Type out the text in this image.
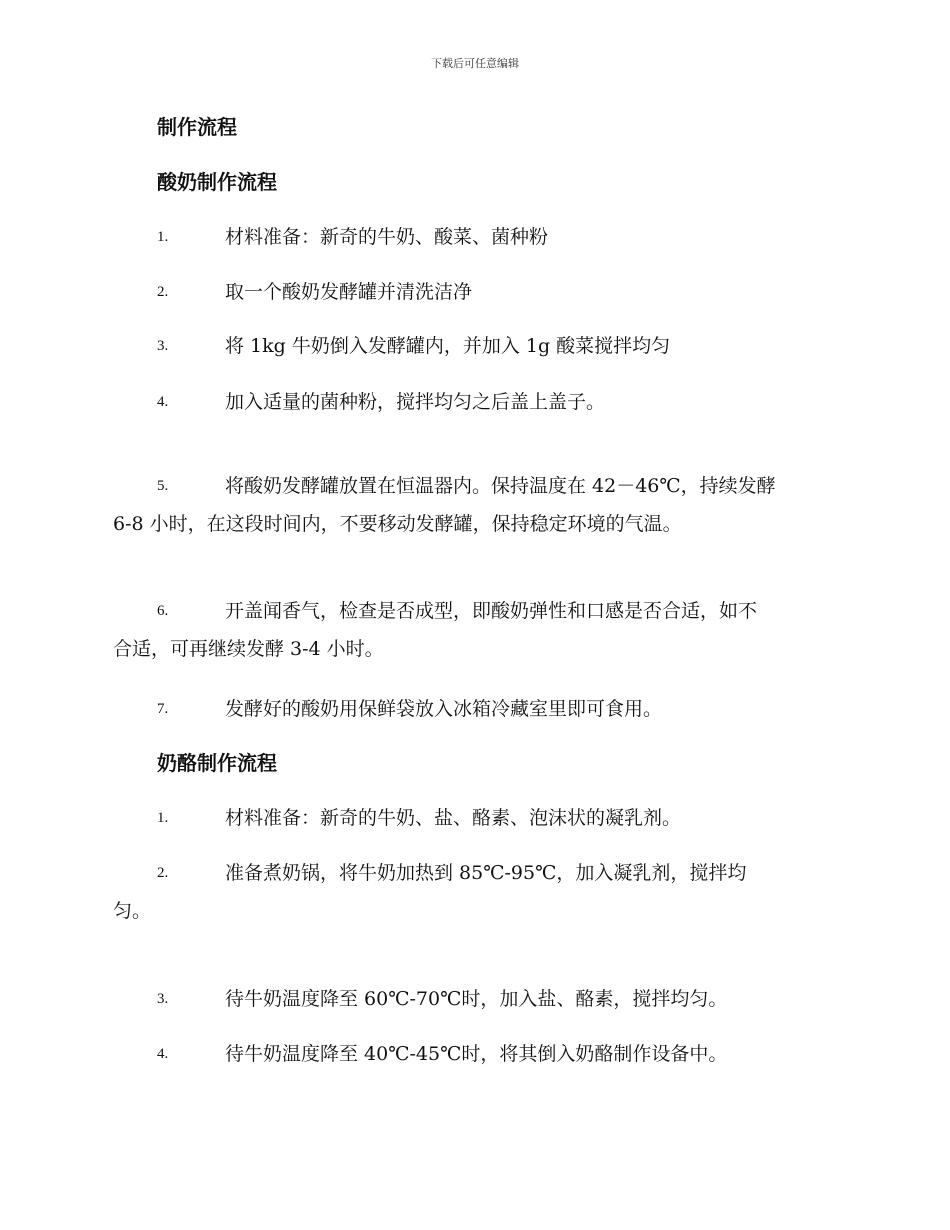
下载后可任意编辑
制作流程
酸奶制作流程
1.	材料准备：新奇的牛奶、酸菜、菌种粉
2.	取一个酸奶发酵罐并清洗洁净
3.	将 1kg 牛奶倒入发酵罐内，并加入 1g 酸菜搅拌均匀
4.	加入适量的菌种粉，搅拌均匀之后盖上盖子。
5.	将酸奶发酵罐放置在恒温器内。保持温度在 42－46℃，持续发酵
6-8 小时，在这段时间内，不要移动发酵罐，保持稳定环境的气温。
6.	开盖闻香气，检查是否成型，即酸奶弹性和口感是否合适，如不
合适，可再继续发酵 3-4 小时。
7.	发酵好的酸奶用保鲜袋放入冰箱冷藏室里即可食用。
奶酪制作流程
1.	材料准备：新奇的牛奶、盐、酪素、泡沫状的凝乳剂。
2.	准备煮奶锅，将牛奶加热到 85℃-95℃，加入凝乳剂，搅拌均
匀。
3.	待牛奶温度降至 60℃-70℃时，加入盐、酪素，搅拌均匀。
4.	待牛奶温度降至 40℃-45℃时，将其倒入奶酪制作设备中。
